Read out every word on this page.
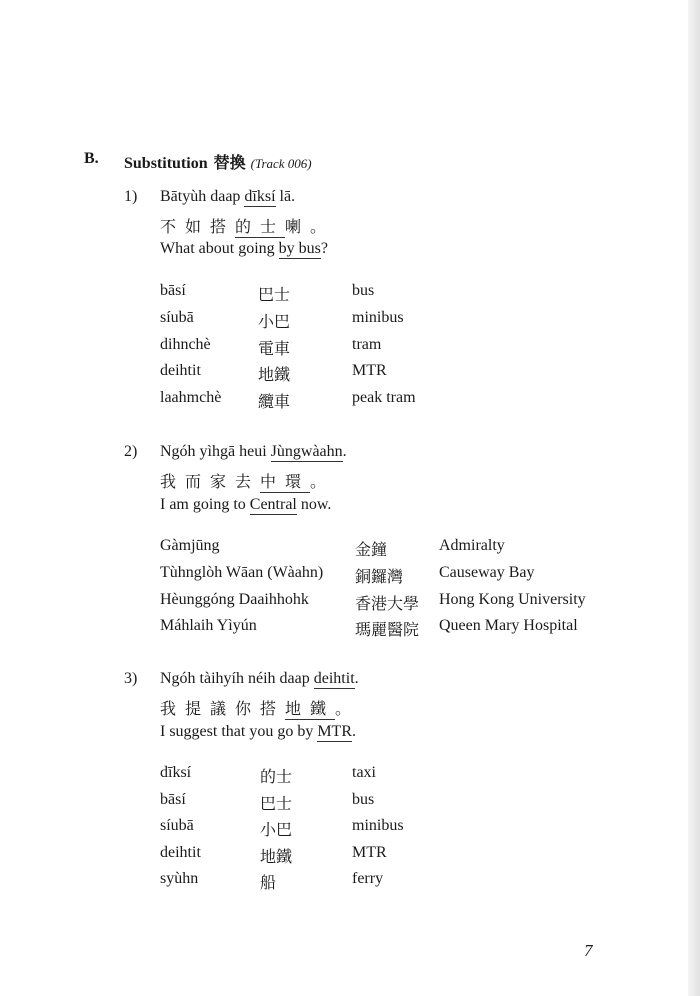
B. Substitution 替換 (Track 006)
1) Bātyùh daap dīksí lā.
不如搭的士喇。
What about going by bus?
bāsí	巴士	bus
síubā	小巴	minibus
dihnchè	電車	tram
deihtit	地鐵	MTR
laahmchè 纜車	peak tram
2) Ngóh yìhgā heui Jùngwàahn.
我而家去中環。
I am going to Central now.
Gàmjūng	金鐘	Admiralty
Tùhnglòh Wāan (Wàahn) 銅鑼灣 Causeway Bay
Hèunggóng Daaihhohk	香港大學 Hong Kong University
Máhlaih Yìyún	瑪麗醫院 Queen Mary Hospital
3) Ngóh tàihyíh néih daap deihtit.
我提議你搭地鐵。
I suggest that you go by MTR.
dīksí	的士	taxi
bāsí	巴士	bus
síubā	小巴	minibus
deihtit	地鐵	MTR
syùhn	船	ferry
7
